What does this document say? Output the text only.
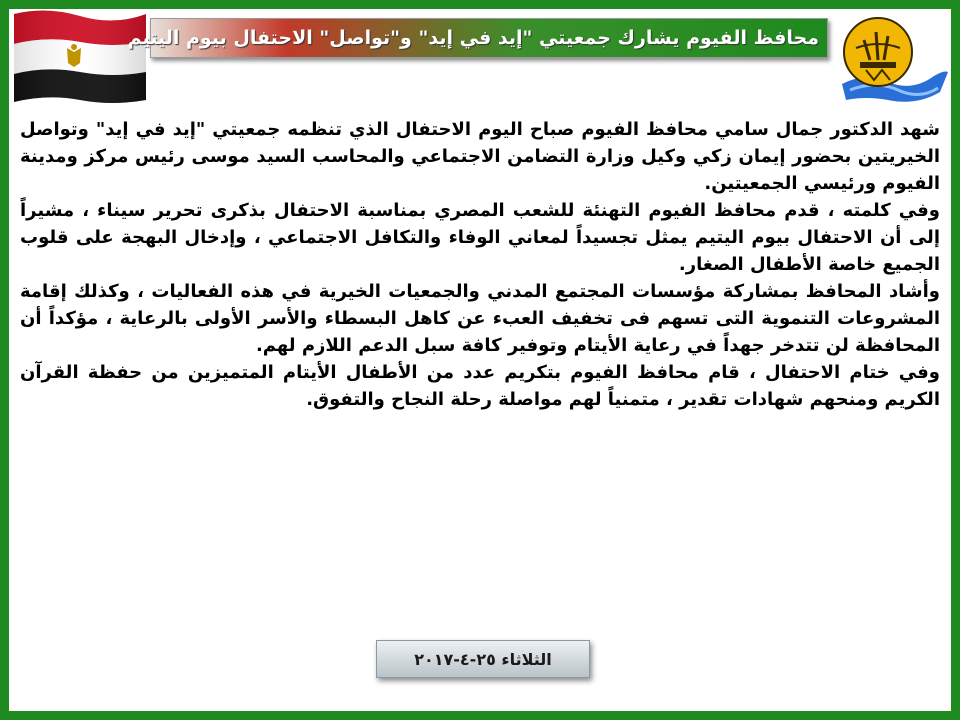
محافظ الفيوم يشارك جمعيتي "إيد في إيد" و"تواصل" الاحتفال بيوم اليتيم

شهد الدكتور جمال سامي محافظ الفيوم صباح اليوم الاحتفال الذي تنظمه جمعيتي "إيد في إيد" وتواصل الخيريتين بحضور إيمان زكي وكيل وزارة التضامن الاجتماعي والمحاسب السيد موسى رئيس مركز ومدينة الفيوم ورئيسي الجمعيتين.

وفي كلمته ، قدم محافظ الفيوم التهنئة للشعب المصري بمناسبة الاحتفال بذكرى تحرير سيناء ، مشيراً إلى أن الاحتفال بيوم اليتيم يمثل تجسيداً لمعاني الوفاء والتكافل الاجتماعي ، وإدخال البهجة على قلوب الجميع خاصة الأطفال الصغار.

وأشاد المحافظ بمشاركة مؤسسات المجتمع المدني والجمعيات الخيرية في هذه الفعاليات ، وكذلك إقامة المشروعات التنموية التى تسهم فى تخفيف العبء عن كاهل البسطاء والأسر الأولى بالرعاية ، مؤكداً أن المحافظة لن تتدخر جهداً في رعاية الأيتام وتوفير كافة سبل الدعم اللازم لهم.

وفي ختام الاحتفال ، قام محافظ الفيوم بتكريم عدد من الأطفال الأيتام المتميزين من حفظة القرآن الكريم ومنحهم شهادات تقدير ، متمنياً لهم مواصلة رحلة النجاح والتفوق.

الثلاثاء ٢٥-٤-٢٠١٧
